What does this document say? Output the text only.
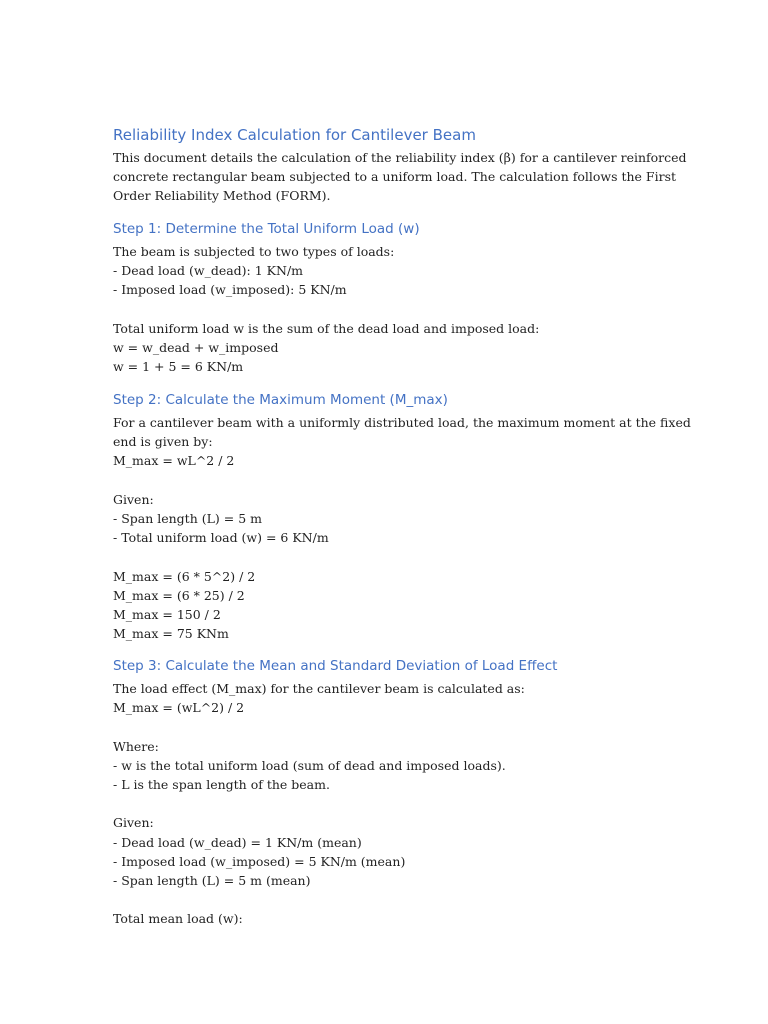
Reliability Index Calculation for Cantilever Beam

This document details the calculation of the reliability index (β) for a cantilever reinforced

concrete rectangular beam subjected to a uniform load. The calculation follows the First

Order Reliability Method (FORM).

Step 1: Determine the Total Uniform Load (w)

The beam is subjected to two types of loads:

- Dead load (w_dead): 1 KN/m

- Imposed load (w_imposed): 5 KN/m

Total uniform load w is the sum of the dead load and imposed load:

w = w_dead + w_imposed

w = 1 + 5 = 6 KN/m

Step 2: Calculate the Maximum Moment (M_max)

For a cantilever beam with a uniformly distributed load, the maximum moment at the fixed

end is given by:

M_max = wL^2 / 2

Given:

- Span length (L) = 5 m

- Total uniform load (w) = 6 KN/m

M_max = (6 * 5^2) / 2

M_max = (6 * 25) / 2

M_max = 150 / 2

M_max = 75 KNm

Step 3: Calculate the Mean and Standard Deviation of Load Effect

The load effect (M_max) for the cantilever beam is calculated as:

M_max = (wL^2) / 2

Where:

- w is the total uniform load (sum of dead and imposed loads).

- L is the span length of the beam.

Given:

- Dead load (w_dead) = 1 KN/m (mean)

- Imposed load (w_imposed) = 5 KN/m (mean)

- Span length (L) = 5 m (mean)

Total mean load (w):
